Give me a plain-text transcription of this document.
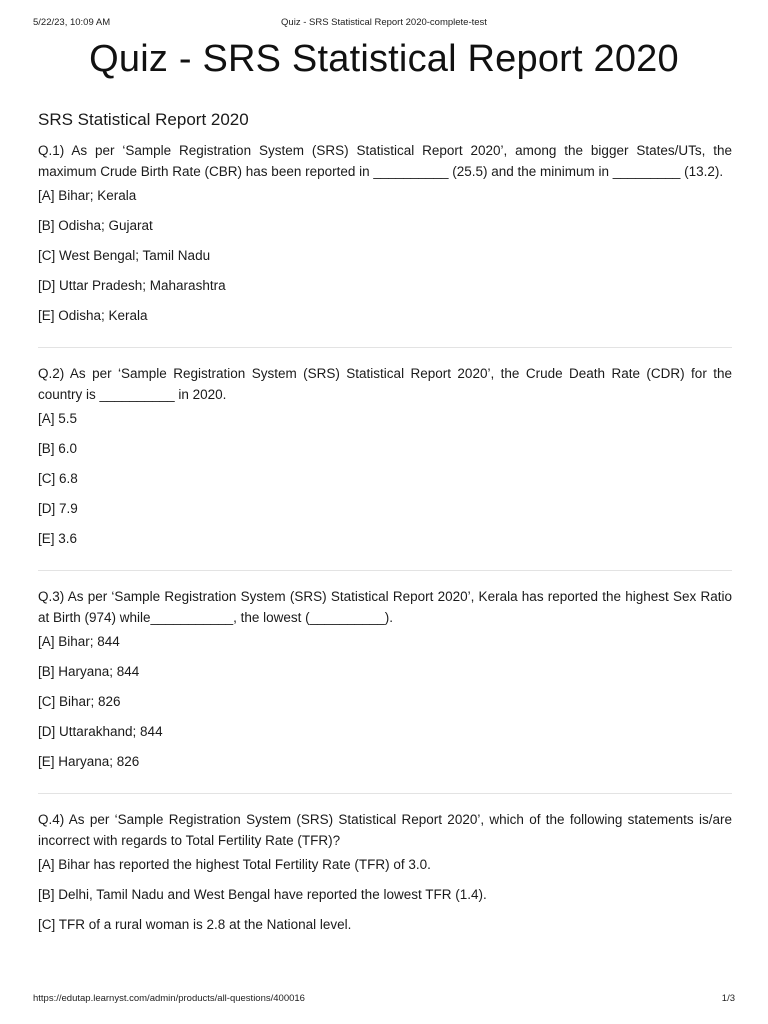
5/22/23, 10:09 AM	Quiz - SRS Statistical Report 2020-complete-test
Quiz - SRS Statistical Report 2020
SRS Statistical Report 2020

Q.1) As per ‘Sample Registration System (SRS) Statistical Report 2020’, among the bigger States/UTs, the maximum Crude Birth Rate (CBR) has been reported in __________ (25.5) and the minimum in _________ (13.2).

[A] Bihar; Kerala

[B] Odisha; Gujarat

[C] West Bengal; Tamil Nadu

[D] Uttar Pradesh; Maharashtra

[E] Odisha; Kerala

Q.2) As per ‘Sample Registration System (SRS) Statistical Report 2020’, the Crude Death Rate (CDR) for the country is __________ in 2020.

[A] 5.5

[B] 6.0

[C] 6.8

[D] 7.9

[E] 3.6

Q.3) As per ‘Sample Registration System (SRS) Statistical Report 2020’, Kerala has reported the highest Sex Ratio at Birth (974) while___________, the lowest (__________).

[A] Bihar; 844

[B] Haryana; 844

[C] Bihar; 826

[D] Uttarakhand; 844

[E] Haryana; 826

Q.4) As per ‘Sample Registration System (SRS) Statistical Report 2020’, which of the following statements is/are incorrect with regards to Total Fertility Rate (TFR)?

[A] Bihar has reported the highest Total Fertility Rate (TFR) of 3.0.

[B] Delhi, Tamil Nadu and West Bengal have reported the lowest TFR (1.4).

[C] TFR of a rural woman is 2.8 at the National level.

https://edutap.learnyst.com/admin/products/all-questions/400016	1/3
